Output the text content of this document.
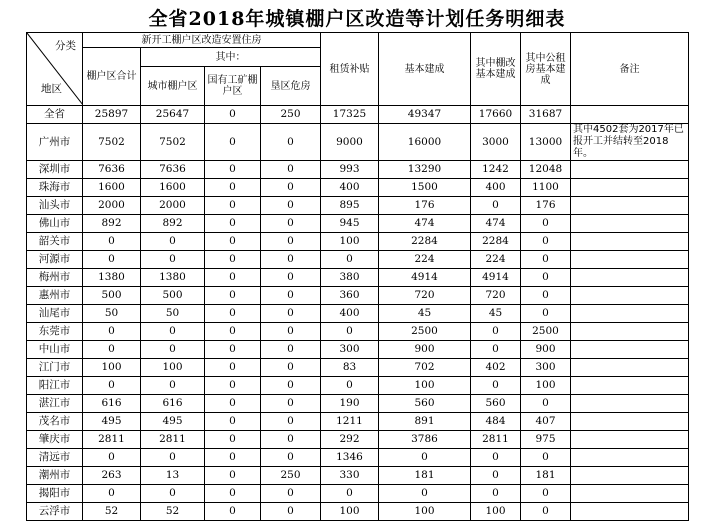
全省2018年城镇棚户区改造等计划任务明细表
分类
地区	新开工棚户区改造安置住房				租赁补贴	基本建成	其中棚改基本建成	其中公租房基本建成	备注
	棚户区合计	其中：							
		城市棚户区	国有工矿棚户区	垦区危房					
全省	25897	25647	0	250	17325	49347	17660	31687	
广州市	7502	7502	0	0	9000	16000	3000	13000	其中4502套为2017年已报开工并结转至2018年。
深圳市	7636	7636	0	0	993	13290	1242	12048	
珠海市	1600	1600	0	0	400	1500	400	1100	
汕头市	2000	2000	0	0	895	176	0	176	
佛山市	892	892	0	0	945	474	474	0	
韶关市	0	0	0	0	100	2284	2284	0	
河源市	0	0	0	0	0	224	224	0	
梅州市	1380	1380	0	0	380	4914	4914	0	
惠州市	500	500	0	0	360	720	720	0	
汕尾市	50	50	0	0	400	45	45	0	
东莞市	0	0	0	0	0	2500	0	2500	
中山市	0	0	0	0	300	900	0	900	
江门市	100	100	0	0	83	702	402	300	
阳江市	0	0	0	0	0	100	0	100	
湛江市	616	616	0	0	190	560	560	0	
茂名市	495	495	0	0	1211	891	484	407	
肇庆市	2811	2811	0	0	292	3786	2811	975	
清远市	0	0	0	0	1346	0	0	0	
潮州市	263	13	0	250	330	181	0	181	
揭阳市	0	0	0	0	0	0	0	0	
云浮市	52	52	0	0	100	100	100	0	
